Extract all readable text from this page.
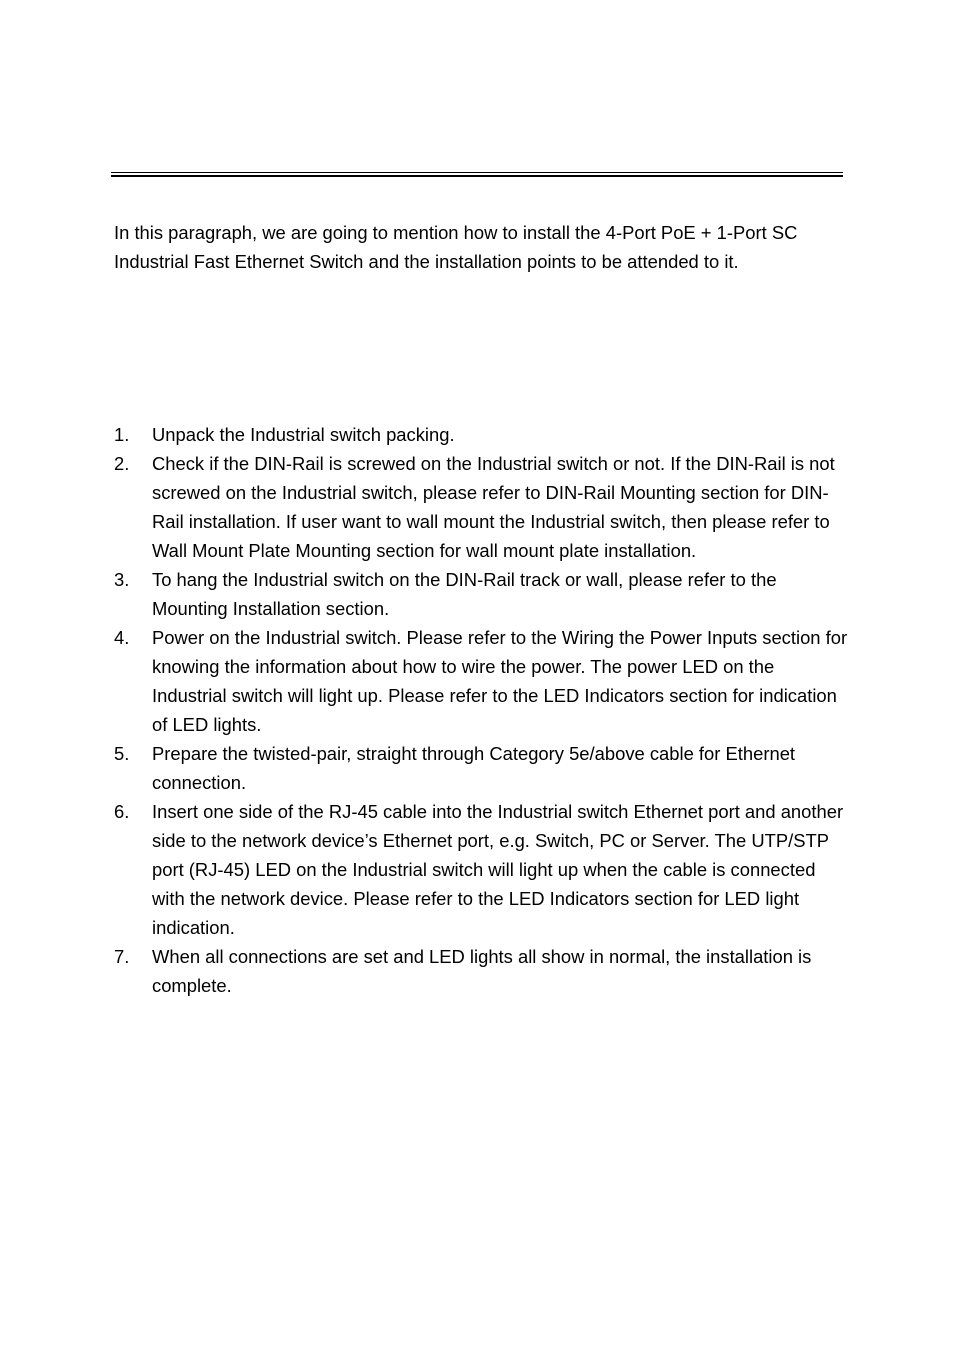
In this paragraph, we are going to mention how to install the 4-Port PoE + 1-Port SC Industrial Fast Ethernet Switch and the installation points to be attended to it.

1. Unpack the Industrial switch packing.
2. Check if the DIN-Rail is screwed on the Industrial switch or not. If the DIN-Rail is not screwed on the Industrial switch, please refer to DIN-Rail Mounting section for DIN-Rail installation. If user want to wall mount the Industrial switch, then please refer to Wall Mount Plate Mounting section for wall mount plate installation.
3. To hang the Industrial switch on the DIN-Rail track or wall, please refer to the Mounting Installation section.
4. Power on the Industrial switch. Please refer to the Wiring the Power Inputs section for knowing the information about how to wire the power. The power LED on the Industrial switch will light up. Please refer to the LED Indicators section for indication of LED lights.
5. Prepare the twisted-pair, straight through Category 5e/above cable for Ethernet connection.
6. Insert one side of the RJ-45 cable into the Industrial switch Ethernet port and another side to the network device’s Ethernet port, e.g. Switch, PC or Server. The UTP/STP port (RJ-45) LED on the Industrial switch will light up when the cable is connected with the network device. Please refer to the LED Indicators section for LED light indication.
7. When all connections are set and LED lights all show in normal, the installation is complete.
